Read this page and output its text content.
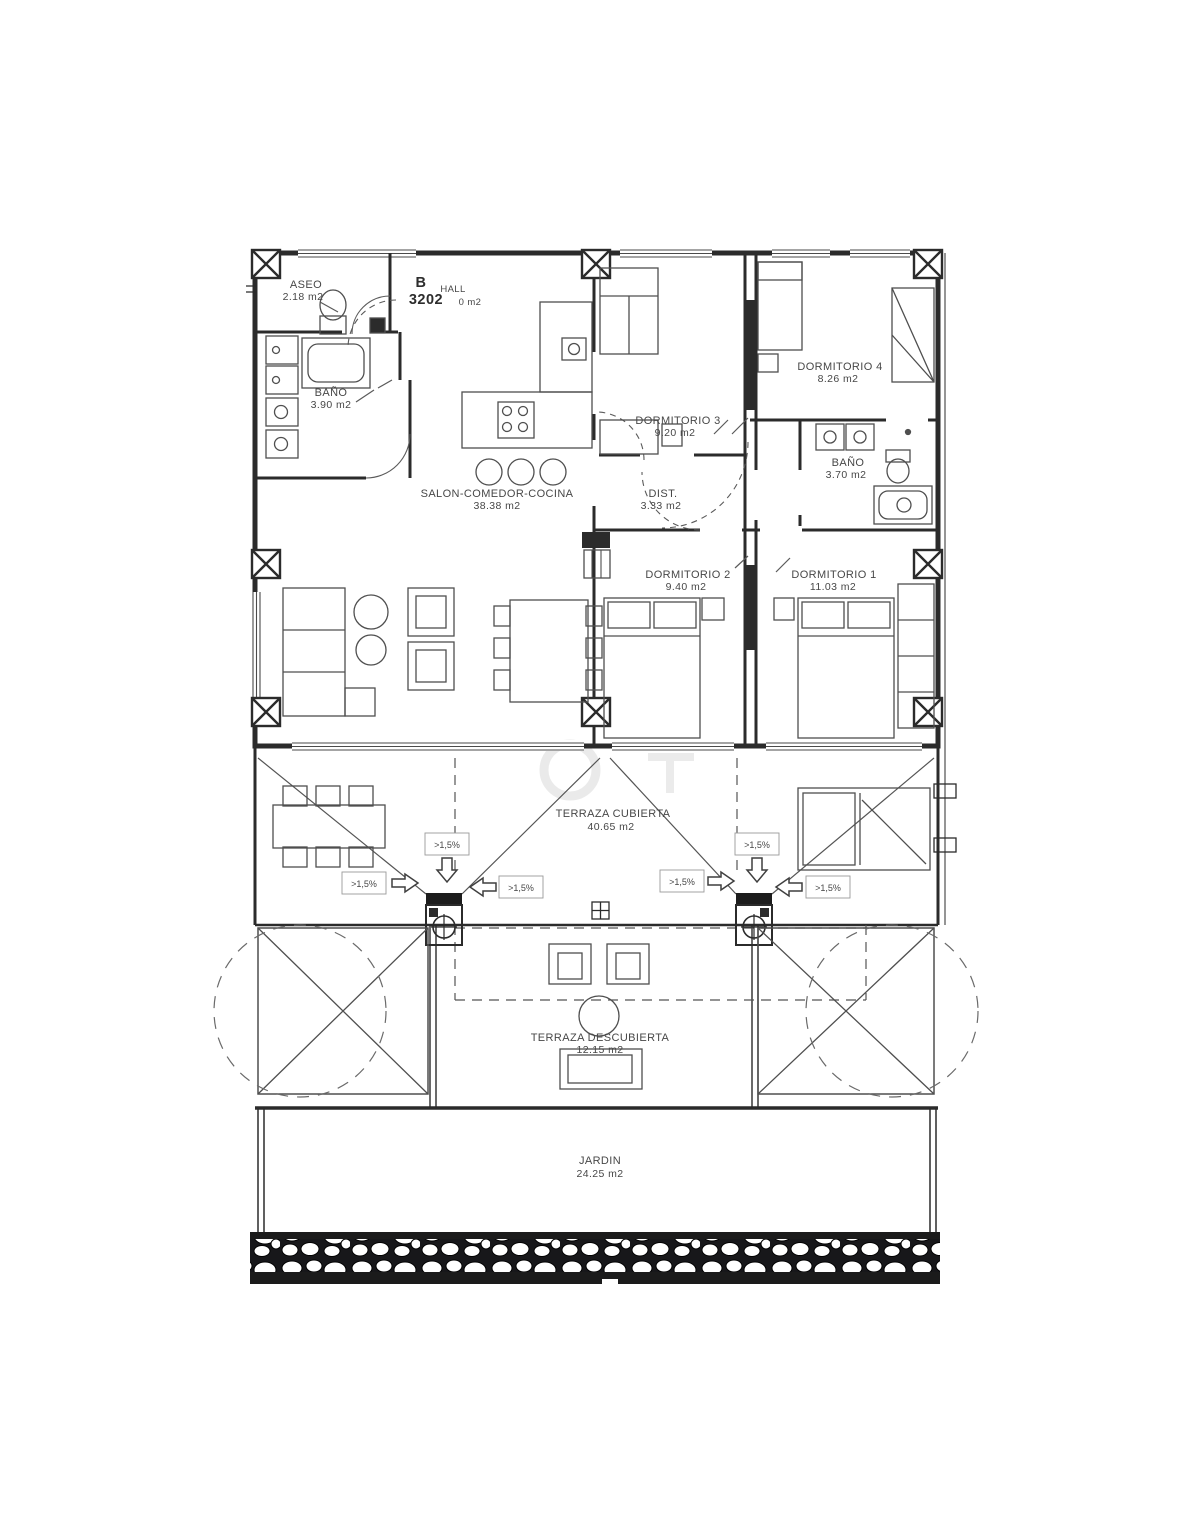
>1,5%
>1,5%
>1,5%
>1,5%
>1,5%
>1,5%
ASEO
2.18 m2
B HALL
3202 0 m2
BAÑO
3.90 m2
SALON-COMEDOR-COCINA
38.38 m2
DORMITORIO 3
9.20 m2
DORMITORIO 4
8.26 m2
BAÑO
3.70 m2
DIST.
3.33 m2
DORMITORIO 2
9.40 m2
DORMITORIO 1
11.03 m2
TERRAZA CUBIERTA
40.65 m2
TERRAZA DESCUBIERTA
12.15 m2
JARDIN
24.25 m2
